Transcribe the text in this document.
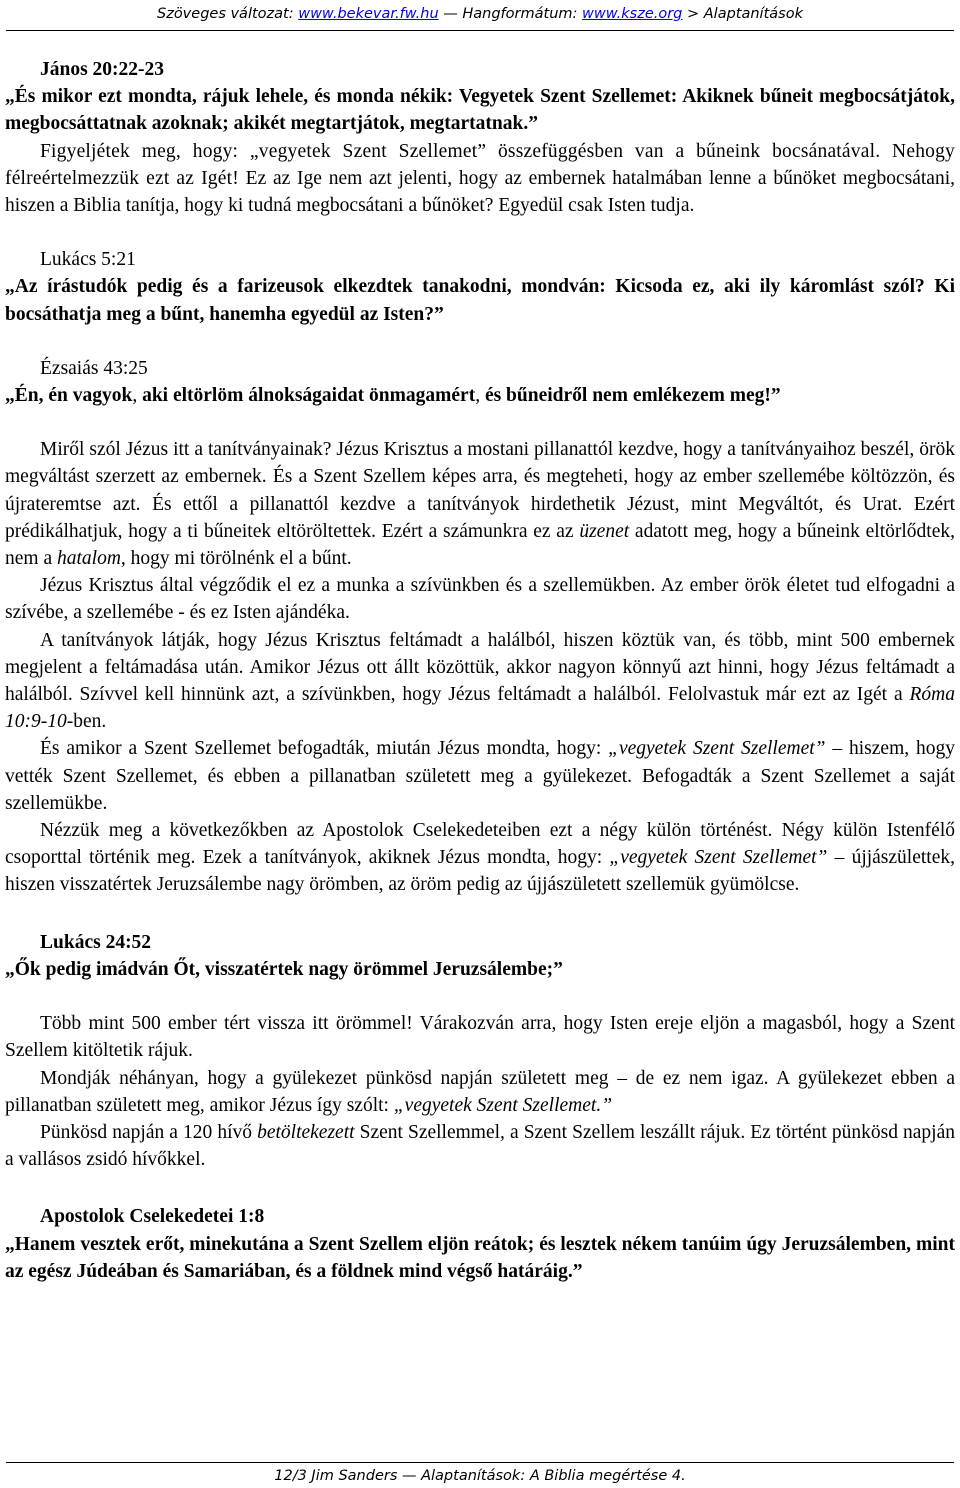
Szöveges változat: www.bekevar.fw.hu — Hangformátum: www.ksze.org > Alaptanítások

János 20:22-23

„És mikor ezt mondta, rájuk lehele, és monda nékik: Vegyetek Szent Szellemet: Akiknek bűneit megbocsátjátok, megbocsáttatnak azoknak; akikét megtartjátok, megtartatnak.”

Figyeljétek meg, hogy: „vegyetek Szent Szellemet” összefüggésben van a bűneink bocsánatával. Nehogy félreértelmezzük ezt az Igét! Ez az Ige nem azt jelenti, hogy az embernek hatalmában lenne a bűnöket megbocsátani, hiszen a Biblia tanítja, hogy ki tudná megbocsátani a bűnöket? Egyedül csak Isten tudja.

Lukács 5:21

„Az írástudók pedig és a farizeusok elkezdtek tanakodni, mondván: Kicsoda ez, aki ily káromlást szól? Ki bocsáthatja meg a bűnt, hanemha egyedül az Isten?”

Ézsaiás 43:25

„Én, én vagyok, aki eltörlöm álnokságaidat önmagamért, és bűneidről nem emlékezem meg!”

Miről szól Jézus itt a tanítványainak? Jézus Krisztus a mostani pillanattól kezdve, hogy a tanítványaihoz beszél, örök megváltást szerzett az embernek. És a Szent Szellem képes arra, és megteheti, hogy az ember szellemébe költözzön, és újrateremtse azt. És ettől a pillanattól kezdve a tanítványok hirdethetik Jézust, mint Megváltót, és Urat. Ezért prédikálhatjuk, hogy a ti bűneitek eltöröltettek. Ezért a számunkra ez az üzenet adatott meg, hogy a bűneink eltörlődtek, nem a hatalom, hogy mi törölnénk el a bűnt.

Jézus Krisztus által végződik el ez a munka a szívünkben és a szellemükben. Az ember örök életet tud elfogadni a szívébe, a szellemébe - és ez Isten ajándéka.

A tanítványok látják, hogy Jézus Krisztus feltámadt a halálból, hiszen köztük van, és több, mint 500 embernek megjelent a feltámadása után. Amikor Jézus ott állt közöttük, akkor nagyon könnyű azt hinni, hogy Jézus feltámadt a halálból. Szívvel kell hinnünk azt, a szívünkben, hogy Jézus feltámadt a halálból. Felolvastuk már ezt az Igét a Róma 10:9-10-ben.

És amikor a Szent Szellemet befogadták, miután Jézus mondta, hogy: „vegyetek Szent Szellemet” – hiszem, hogy vették Szent Szellemet, és ebben a pillanatban született meg a gyülekezet. Befogadták a Szent Szellemet a saját szellemükbe.

Nézzük meg a következőkben az Apostolok Cselekedeteiben ezt a négy külön történést. Négy külön Istenfélő csoporttal történik meg. Ezek a tanítványok, akiknek Jézus mondta, hogy: „vegyetek Szent Szellemet” – újjászülettek, hiszen visszatértek Jeruzsálembe nagy örömben, az öröm pedig az újjászületett szellemük gyümölcse.

Lukács 24:52

„Ők pedig imádván Őt, visszatértek nagy örömmel Jeruzsálembe;”

Több mint 500 ember tért vissza itt örömmel! Várakozván arra, hogy Isten ereje eljön a magasból, hogy a Szent Szellem kitöltetik rájuk.

Mondják néhányan, hogy a gyülekezet pünkösd napján született meg – de ez nem igaz. A gyülekezet ebben a pillanatban született meg, amikor Jézus így szólt: „vegyetek Szent Szellemet.”

Pünkösd napján a 120 hívő betöltekezett Szent Szellemmel, a Szent Szellem leszállt rájuk. Ez történt pünkösd napján a vallásos zsidó hívőkkel.

Apostolok Cselekedetei 1:8

„Hanem vesztek erőt, minekutána a Szent Szellem eljön reátok; és lesztek nékem tanúim úgy Jeruzsálemben, mint az egész Júdeában és Samariában, és a földnek mind végső határáig.”

12/3 Jim Sanders — Alaptanítások: A Biblia megértése 4.
